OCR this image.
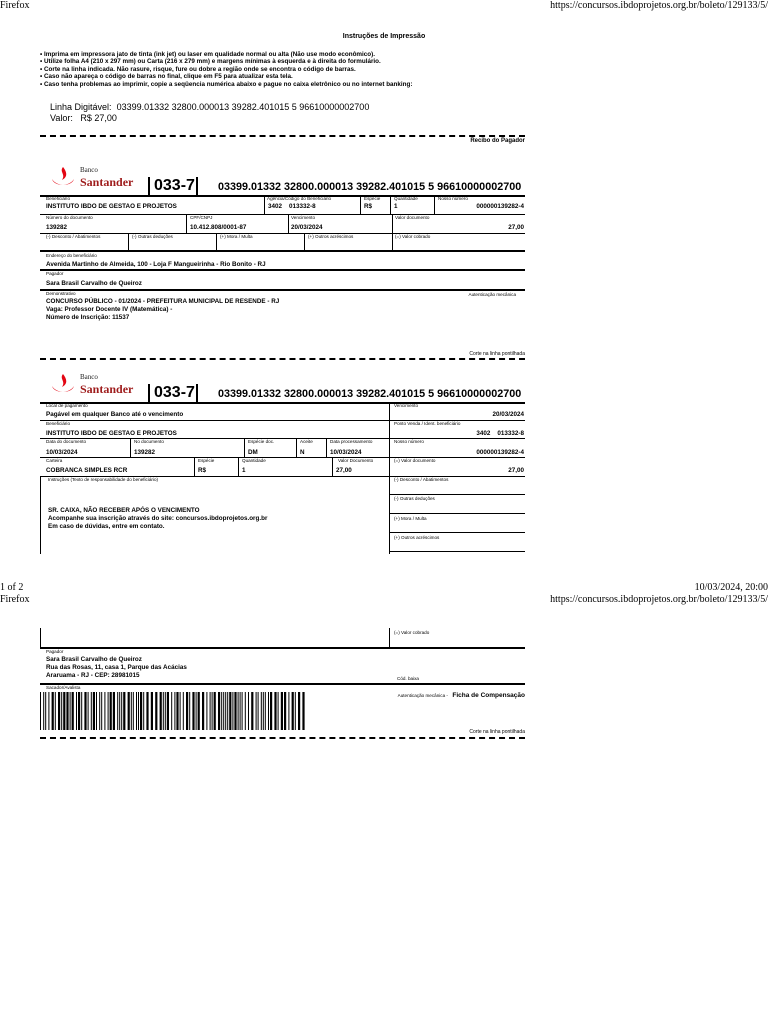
Firefox	https://concursos.ibdoprojetos.org.br/boleto/129133/5/
Instruções de Impressão
• Imprima em impressora jato de tinta (ink jet) ou laser em qualidade normal ou alta (Não use modo econômico).
• Utilize folha A4 (210 x 297 mm) ou Carta (216 x 279 mm) e margens mínimas à esquerda e à direita do formulário.
• Corte na linha indicada. Não rasure, risque, fure ou dobre a região onde se encontra o código de barras.
• Caso não apareça o código de barras no final, clique em F5 para atualizar esta tela.
• Caso tenha problemas ao imprimir, copie a seqüencia numérica abaixo e pague no caixa eletrônico ou no internet banking:
Linha Digitável: 03399.01332 32800.000013 39282.401015 5 96610000002700
Valor: R$ 27,00
Recibo do Pagador
Banco
Santander 033-7 03399.01332 32800.000013 39282.401015 5 96610000002700
Beneficiário
INSTITUTO IBDO DE GESTAO E PROJETOS
Agência/Código do Beneficiário
3402 013332-8
Espécie
R$
Quantidade
1
Nosso número
000000139282-4
Número do documento
139282
CPF/CNPJ
10.412.808/0001-87
Vencimento
20/03/2024
Valor documento
27,00
(-) Desconto / Abatimentos	(-) Outras deduções	(+) Mora / Multa	(+) Outros acréscimos	(=) Valor cobrado
Endereço do beneficiário
Avenida Martinho de Almeida, 100 - Loja F Mangueirinha - Rio Bonito - RJ
Pagador
Sara Brasil Carvalho de Queiroz
Demonstrativo	Autenticação mecânica
CONCURSO PÚBLICO - 01/2024 - PREFEITURA MUNICIPAL DE RESENDE - RJ
Vaga: Professor Docente IV (Matemática) -
Número de Inscrição: 11537
Corte na linha pontilhada
Banco
Santander 033-7 03399.01332 32800.000013 39282.401015 5 96610000002700
Local de pagamento
Pagável em qualquer Banco até o vencimento
Vencimento
20/03/2024
Beneficiário
INSTITUTO IBDO DE GESTAO E PROJETOS
Ponto Venda / Ident. beneficiário
3402 013332-8
Data do documento
10/03/2024
No documento
139282
Espécie doc.
DM
Aceite
N
Data processamento
10/03/2024
Nosso número
000000139282-4
Carteira
COBRANCA SIMPLES RCR
Espécie
R$
Quantidade
1
Valor Documento
27,00
(=) Valor documento
27,00
Instruções (Texto de responsabilidade do beneficiário)
SR. CAIXA, NÃO RECEBER APÓS O VENCIMENTO
Acompanhe sua inscrição através do site: concursos.ibdoprojetos.org.br
Em caso de dúvidas, entre em contato.
(-) Desconto / Abatimentos
(-) Outras deduções
(+) Mora / Multa
(+) Outros acréscimos
1 of 2	10/03/2024, 20:00
Firefox	https://concursos.ibdoprojetos.org.br/boleto/129133/5/
(=) Valor cobrado
Pagador
Sara Brasil Carvalho de Queiroz
Rua das Rosas, 11, casa 1, Parque das Acácias
Araruama - RJ - CEP: 28981015	Cód. baixa
Sacador/Avalista
Autenticação mecânica - Ficha de Compensação
Corte na linha pontilhada
